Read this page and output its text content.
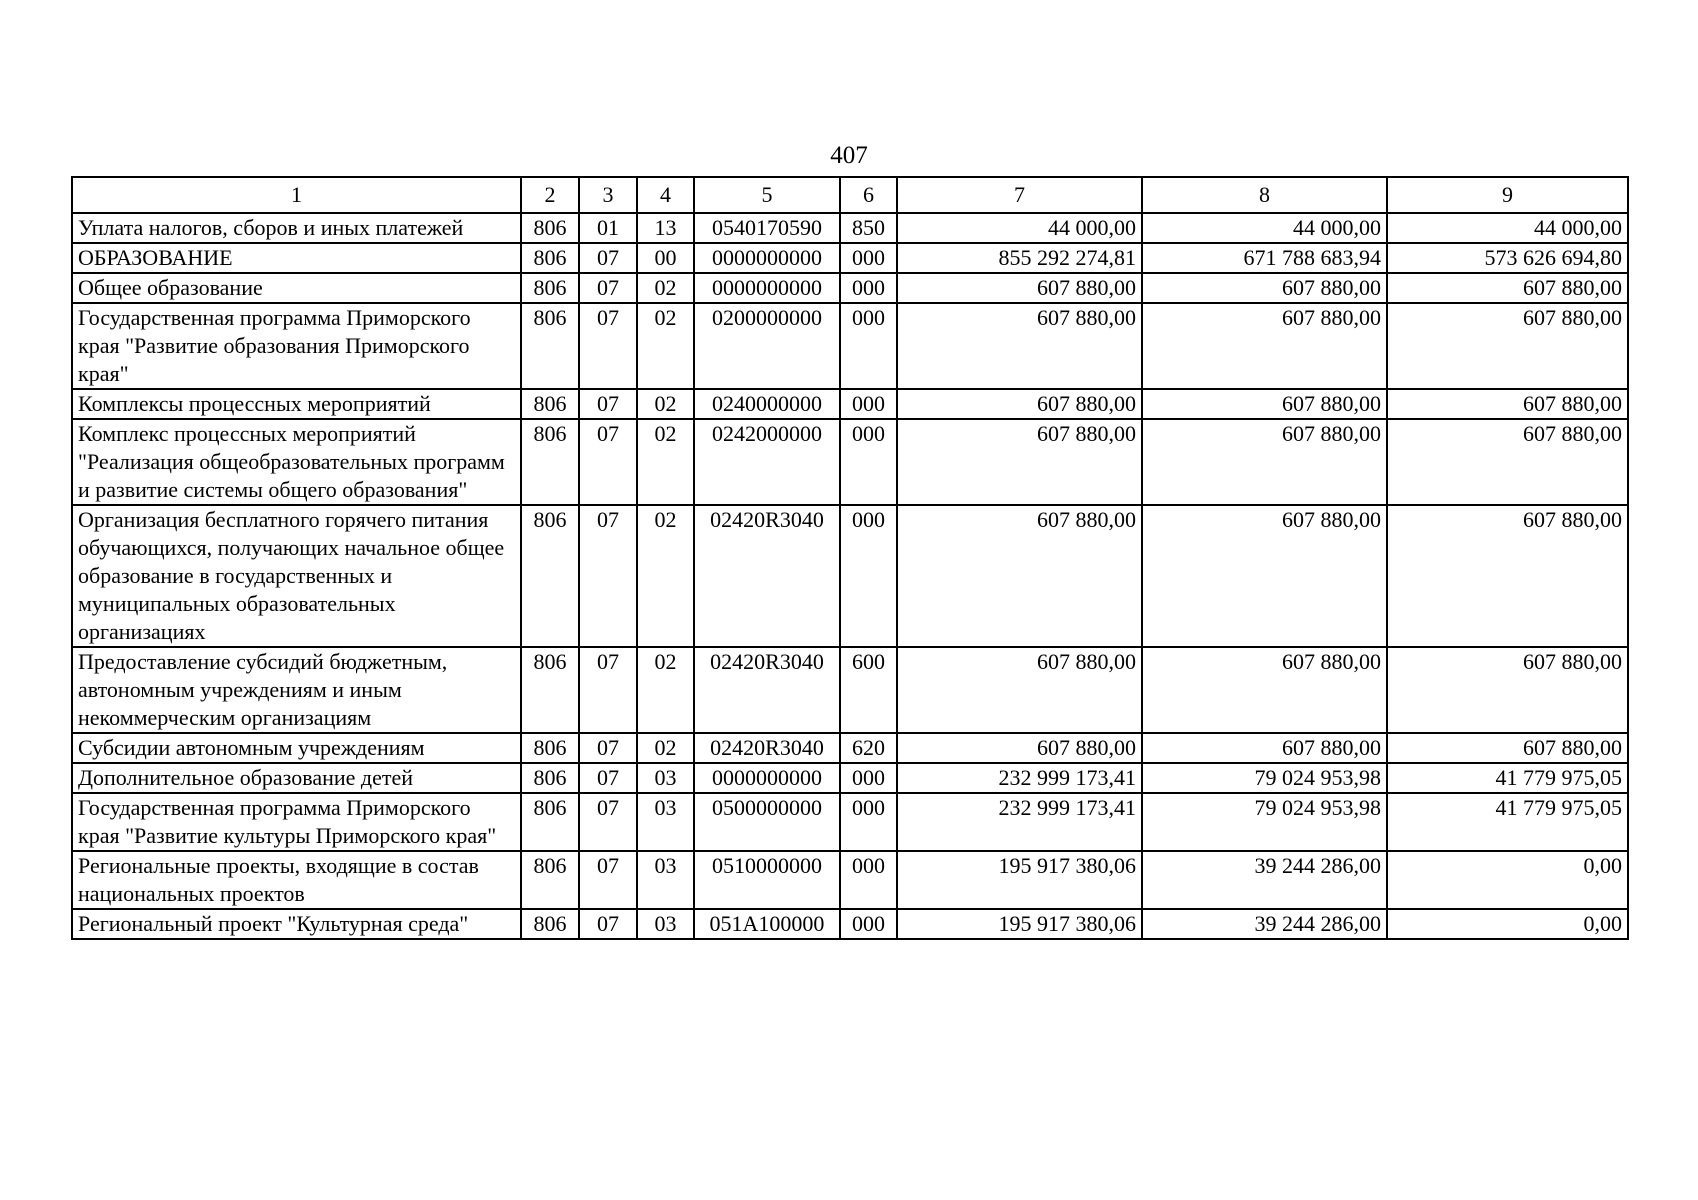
407
1	2	3	4	5	6	7	8	9
Уплата налогов, сборов и иных платежей	806	01	13	0540170590	850	44 000,00	44 000,00	44 000,00
ОБРАЗОВАНИЕ	806	07	00	0000000000	000	855 292 274,81	671 788 683,94	573 626 694,80
Общее образование	806	07	02	0000000000	000	607 880,00	607 880,00	607 880,00
Государственная программа Приморского края "Развитие образования Приморского края"	806	07	02	0200000000	000	607 880,00	607 880,00	607 880,00
Комплексы процессных мероприятий	806	07	02	0240000000	000	607 880,00	607 880,00	607 880,00
Комплекс процессных мероприятий "Реализация общеобразовательных программ и развитие системы общего образования"	806	07	02	0242000000	000	607 880,00	607 880,00	607 880,00
Организация бесплатного горячего питания обучающихся, получающих начальное общее образование в государственных и муниципальных образовательных организациях	806	07	02	02420R3040	000	607 880,00	607 880,00	607 880,00
Предоставление субсидий бюджетным, автономным учреждениям и иным некоммерческим организациям	806	07	02	02420R3040	600	607 880,00	607 880,00	607 880,00
Субсидии автономным учреждениям	806	07	02	02420R3040	620	607 880,00	607 880,00	607 880,00
Дополнительное образование детей	806	07	03	0000000000	000	232 999 173,41	79 024 953,98	41 779 975,05
Государственная программа Приморского края "Развитие культуры Приморского края"	806	07	03	0500000000	000	232 999 173,41	79 024 953,98	41 779 975,05
Региональные проекты, входящие в состав национальных проектов	806	07	03	0510000000	000	195 917 380,06	39 244 286,00	0,00
Региональный проект "Культурная среда"	806	07	03	051A100000	000	195 917 380,06	39 244 286,00	0,00
